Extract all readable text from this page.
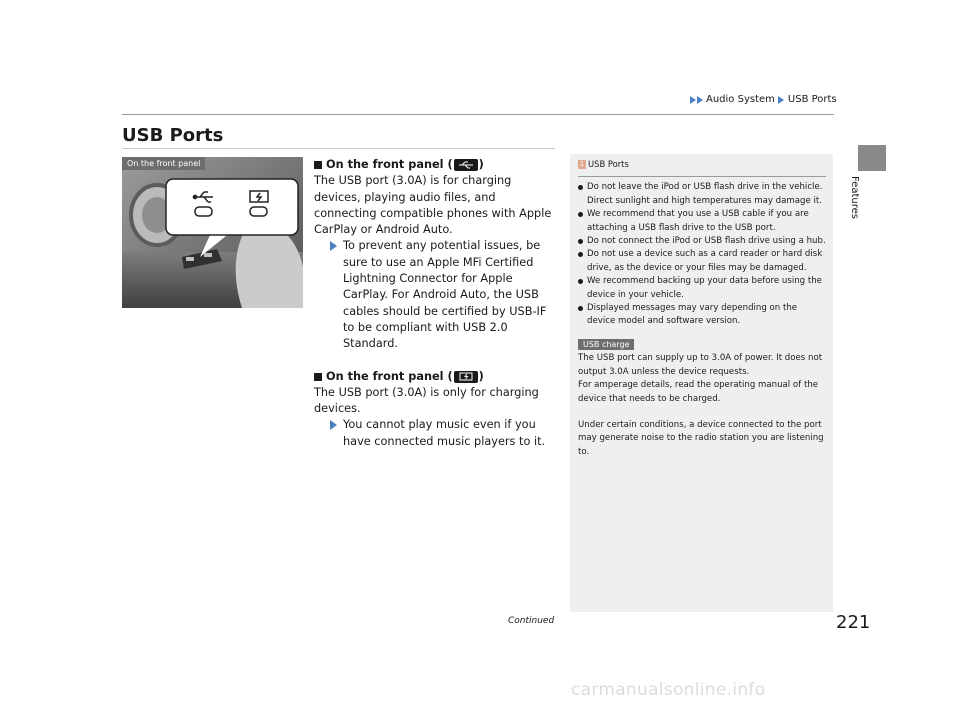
Audio System USB Ports
Features
USB Ports
On the front panel	On the front panel ( )
The USB port (3.0A) is for charging devices, playing audio files, and connecting compatible phones with Apple CarPlay or Android Auto.
To prevent any potential issues, be sure to use an Apple MFi Certified Lightning Connector for Apple CarPlay. For Android Auto, the USB cables should be certified by USB-IF to be compliant with USB 2.0 Standard.
On the front panel ( )
The USB port (3.0A) is only for charging devices.
You cannot play music even if you have connected music players to it.
1 USB Ports
Do not leave the iPod or USB flash drive in the vehicle. Direct sunlight and high temperatures may damage it.
We recommend that you use a USB cable if you are attaching a USB flash drive to the USB port.
Do not connect the iPod or USB flash drive using a hub.
Do not use a device such as a card reader or hard disk drive, as the device or your files may be damaged.
We recommend backing up your data before using the device in your vehicle.
Displayed messages may vary depending on the device model and software version.
USB charge
The USB port can supply up to 3.0A of power. It does not output 3.0A unless the device requests.
For amperage details, read the operating manual of the device that needs to be charged.
Under certain conditions, a device connected to the port may generate noise to the radio station you are listening to.
Continued	221
carmanualsonline.info
